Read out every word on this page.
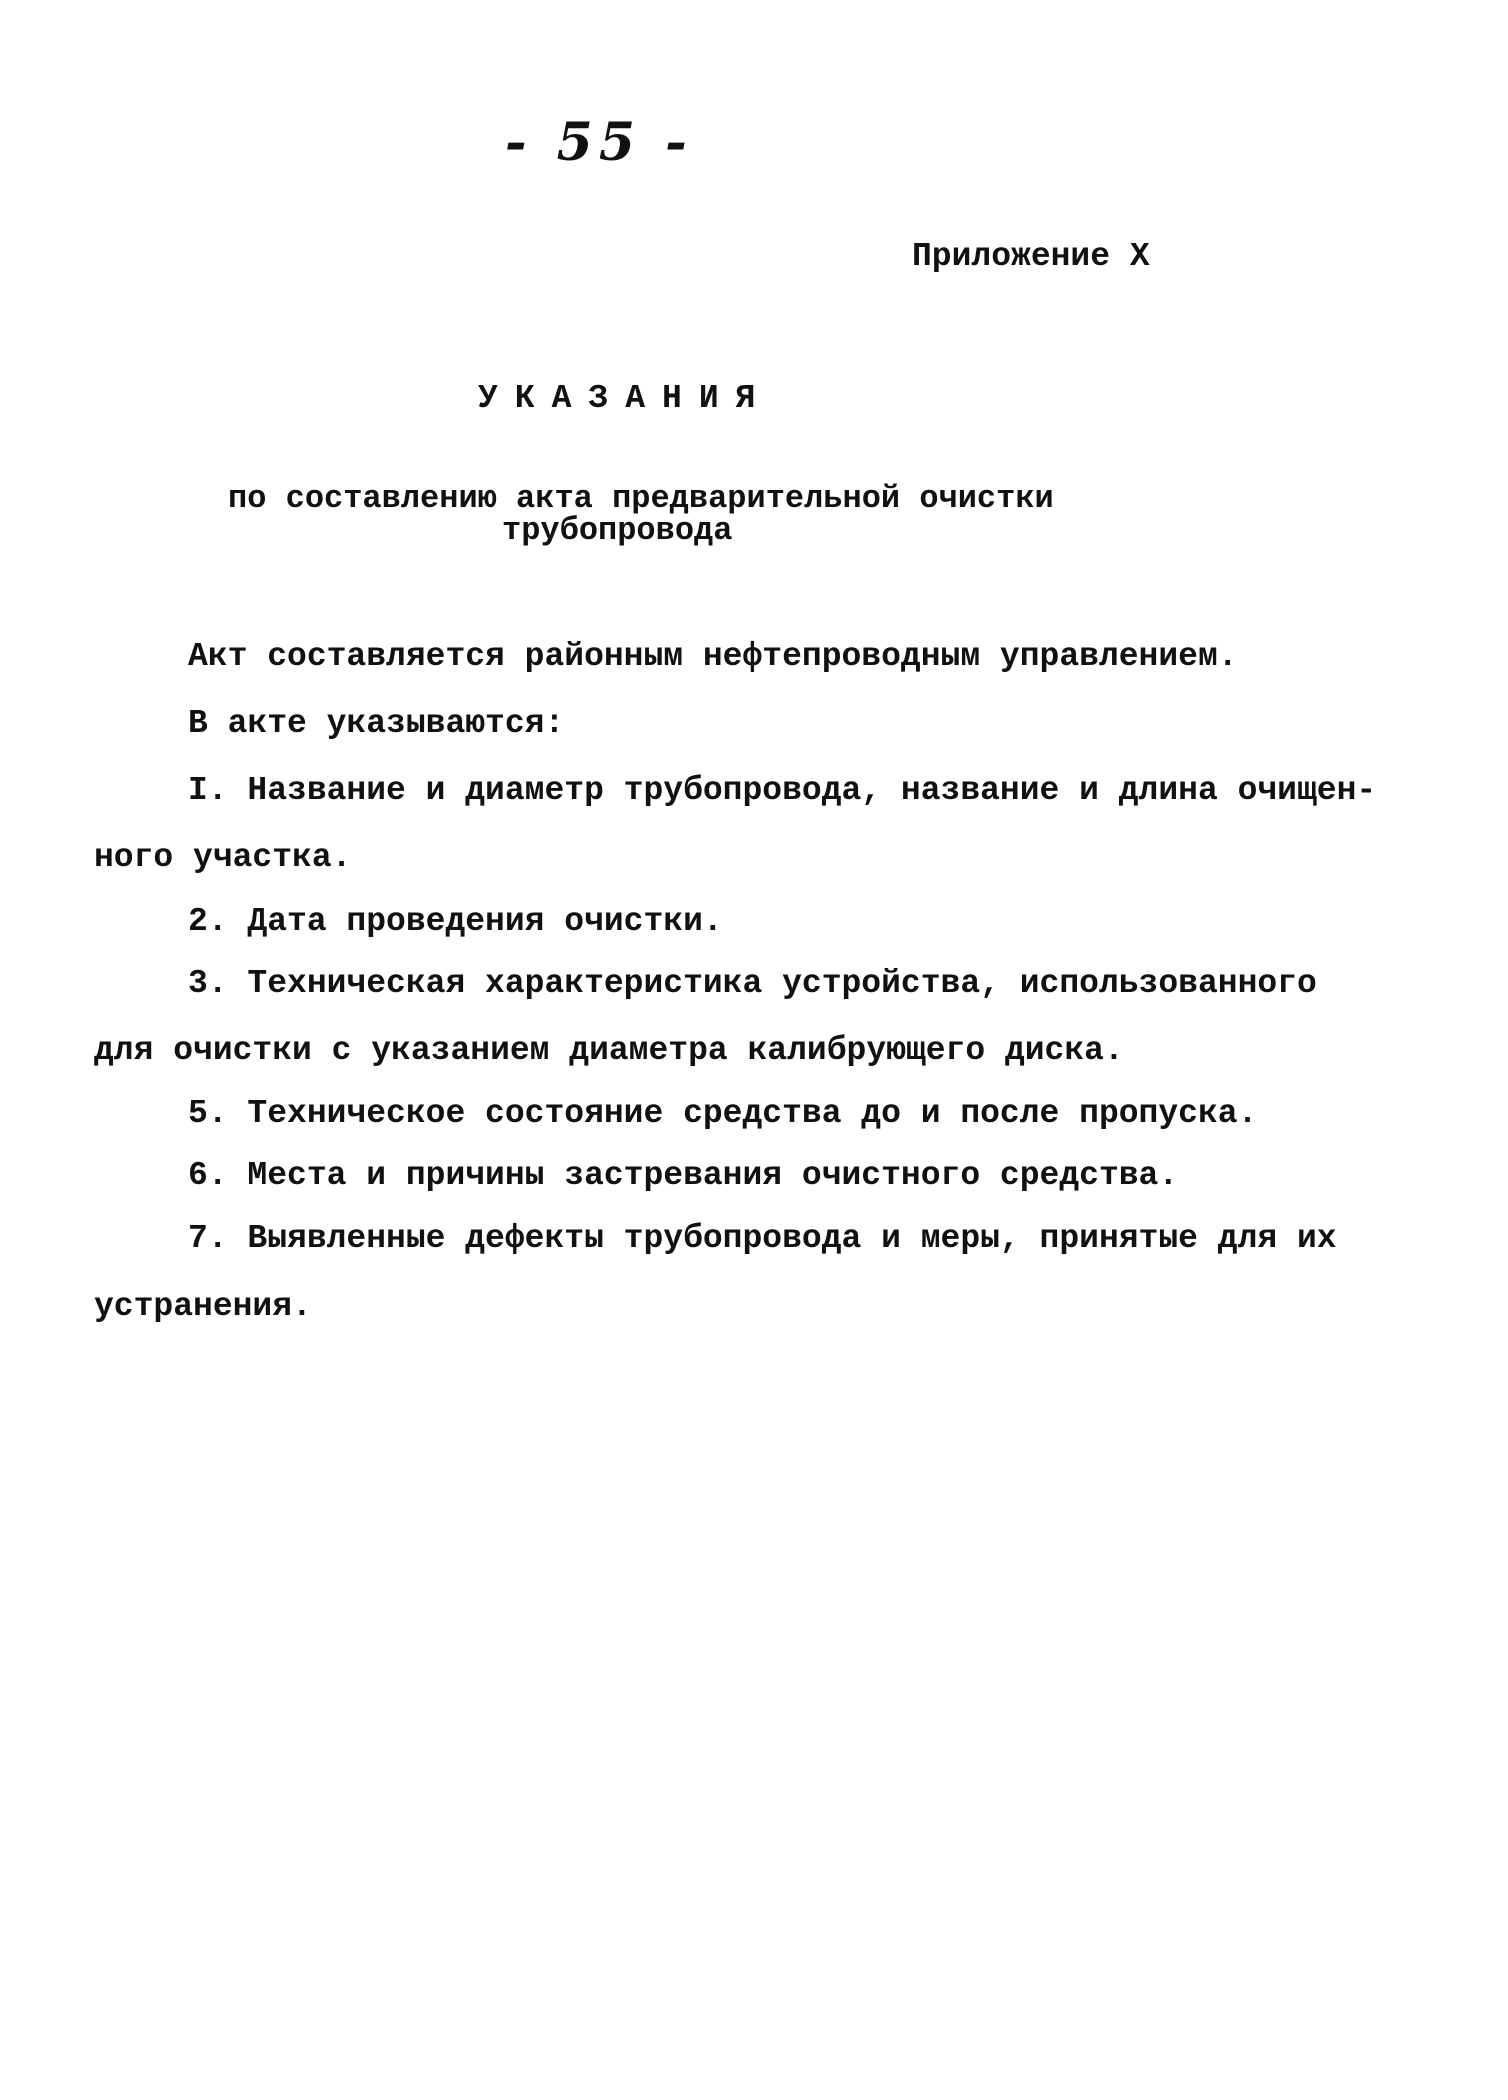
- 55 -
Приложение X
УКАЗАНИЯ
по составлению акта предварительной очистки
трубопровода
Акт составляется районным нефтепроводным управлением.
В акте указываются:
I. Название и диаметр трубопровода, название и длина очищен-
ного участка.
2. Дата проведения очистки.
3. Техническая характеристика устройства, использованного
для очистки с указанием диаметра калибрующего диска.
5. Техническое состояние средства до и после пропуска.
6. Места и причины застревания очистного средства.
7. Выявленные дефекты трубопровода и меры, принятые для их
устранения.
